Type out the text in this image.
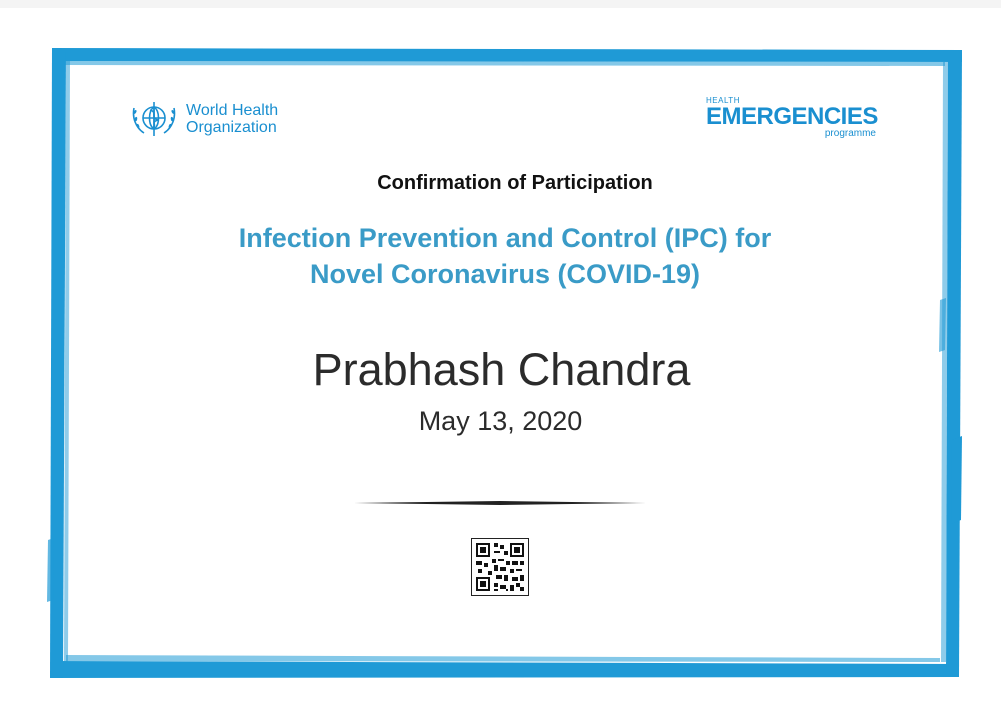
World Health
Organization
HEALTH
EMERGENCIES
programme
Confirmation of Participation
Infection Prevention and Control (IPC) for
Novel Coronavirus (COVID-19)
Prabhash Chandra
May 13, 2020
